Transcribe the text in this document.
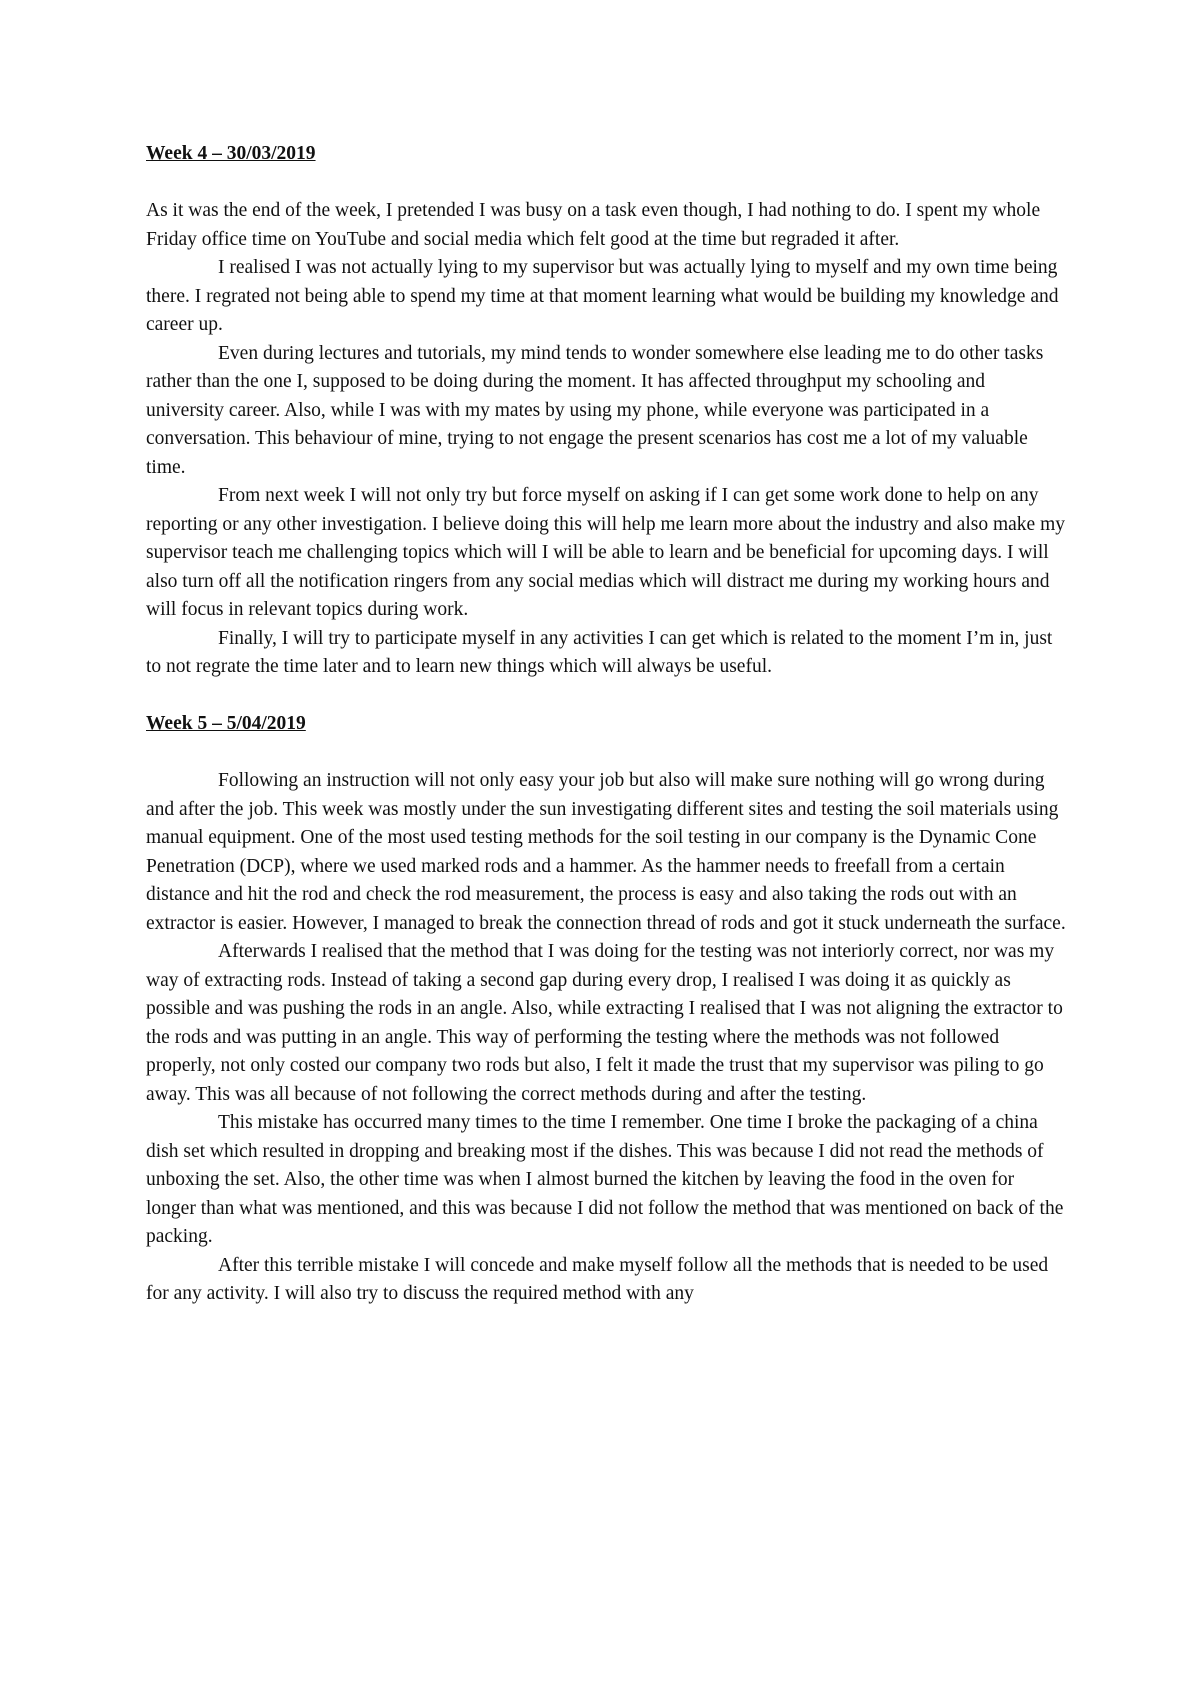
Week 4 – 30/03/2019

As it was the end of the week, I pretended I was busy on a task even though, I had nothing to do. I spent my whole Friday office time on YouTube and social media which felt good at the time but regraded it after.

I realised I was not actually lying to my supervisor but was actually lying to myself and my own time being there. I regrated not being able to spend my time at that moment learning what would be building my knowledge and career up.

Even during lectures and tutorials, my mind tends to wonder somewhere else leading me to do other tasks rather than the one I, supposed to be doing during the moment. It has affected throughput my schooling and university career. Also, while I was with my mates by using my phone, while everyone was participated in a conversation. This behaviour of mine, trying to not engage the present scenarios has cost me a lot of my valuable time.

From next week I will not only try but force myself on asking if I can get some work done to help on any reporting or any other investigation. I believe doing this will help me learn more about the industry and also make my supervisor teach me challenging topics which will I will be able to learn and be beneficial for upcoming days. I will also turn off all the notification ringers from any social medias which will distract me during my working hours and will focus in relevant topics during work.

Finally, I will try to participate myself in any activities I can get which is related to the moment I’m in, just to not regrate the time later and to learn new things which will always be useful.

Week 5 – 5/04/2019

Following an instruction will not only easy your job but also will make sure nothing will go wrong during and after the job. This week was mostly under the sun investigating different sites and testing the soil materials using manual equipment. One of the most used testing methods for the soil testing in our company is the Dynamic Cone Penetration (DCP), where we used marked rods and a hammer. As the hammer needs to freefall from a certain distance and hit the rod and check the rod measurement, the process is easy and also taking the rods out with an extractor is easier. However, I managed to break the connection thread of rods and got it stuck underneath the surface.

Afterwards I realised that the method that I was doing for the testing was not interiorly correct, nor was my way of extracting rods. Instead of taking a second gap during every drop, I realised I was doing it as quickly as possible and was pushing the rods in an angle. Also, while extracting I realised that I was not aligning the extractor to the rods and was putting in an angle. This way of performing the testing where the methods was not followed properly, not only costed our company two rods but also, I felt it made the trust that my supervisor was piling to go away. This was all because of not following the correct methods during and after the testing.

This mistake has occurred many times to the time I remember. One time I broke the packaging of a china dish set which resulted in dropping and breaking most if the dishes. This was because I did not read the methods of unboxing the set. Also, the other time was when I almost burned the kitchen by leaving the food in the oven for longer than what was mentioned, and this was because I did not follow the method that was mentioned on back of the packing.

After this terrible mistake I will concede and make myself follow all the methods that is needed to be used for any activity. I will also try to discuss the required method with any
